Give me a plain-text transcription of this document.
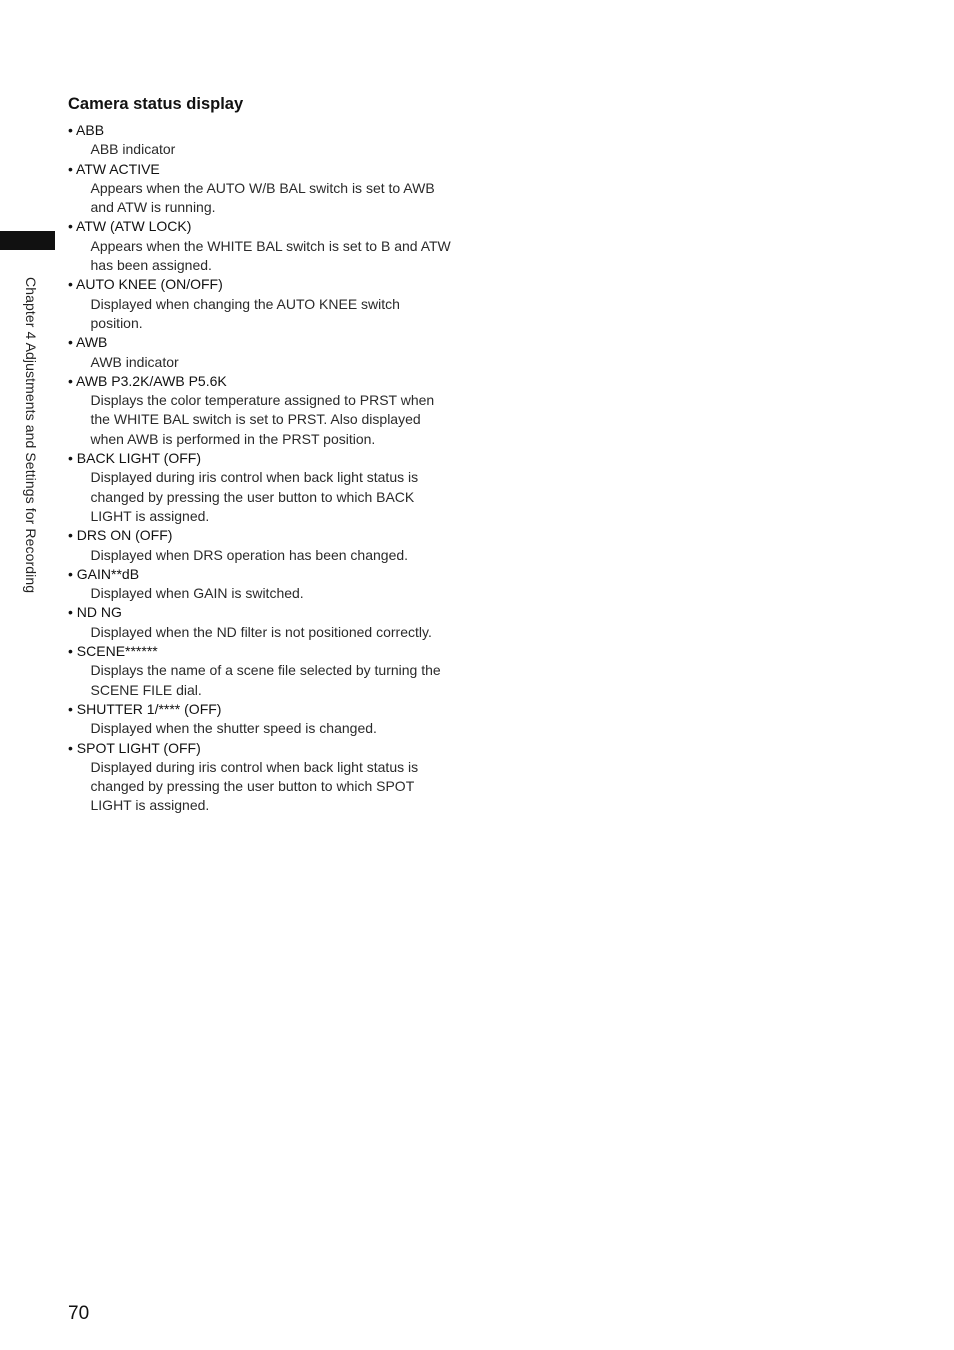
Chapter 4 Adjustments and Settings for Recording
Camera status display
• ABB
ABB indicator
• ATW ACTIVE
Appears when the AUTO W/B BAL switch is set to AWB and ATW is running.
• ATW (ATW LOCK)
Appears when the WHITE BAL switch is set to B and ATW has been assigned.
• AUTO KNEE (ON/OFF)
Displayed when changing the AUTO KNEE switch position.
• AWB
AWB indicator
• AWB P3.2K/AWB P5.6K
Displays the color temperature assigned to PRST when the WHITE BAL switch is set to PRST. Also displayed when AWB is performed in the PRST position.
• BACK LIGHT (OFF)
Displayed during iris control when back light status is changed by pressing the user button to which BACK LIGHT is assigned.
• DRS ON (OFF)
Displayed when DRS operation has been changed.
• GAIN**dB
Displayed when GAIN is switched.
• ND NG
Displayed when the ND filter is not positioned correctly.
• SCENE******
Displays the name of a scene file selected by turning the SCENE FILE dial.
• SHUTTER 1/**** (OFF)
Displayed when the shutter speed is changed.
• SPOT LIGHT (OFF)
Displayed during iris control when back light status is changed by pressing the user button to which SPOT LIGHT is assigned.
70
